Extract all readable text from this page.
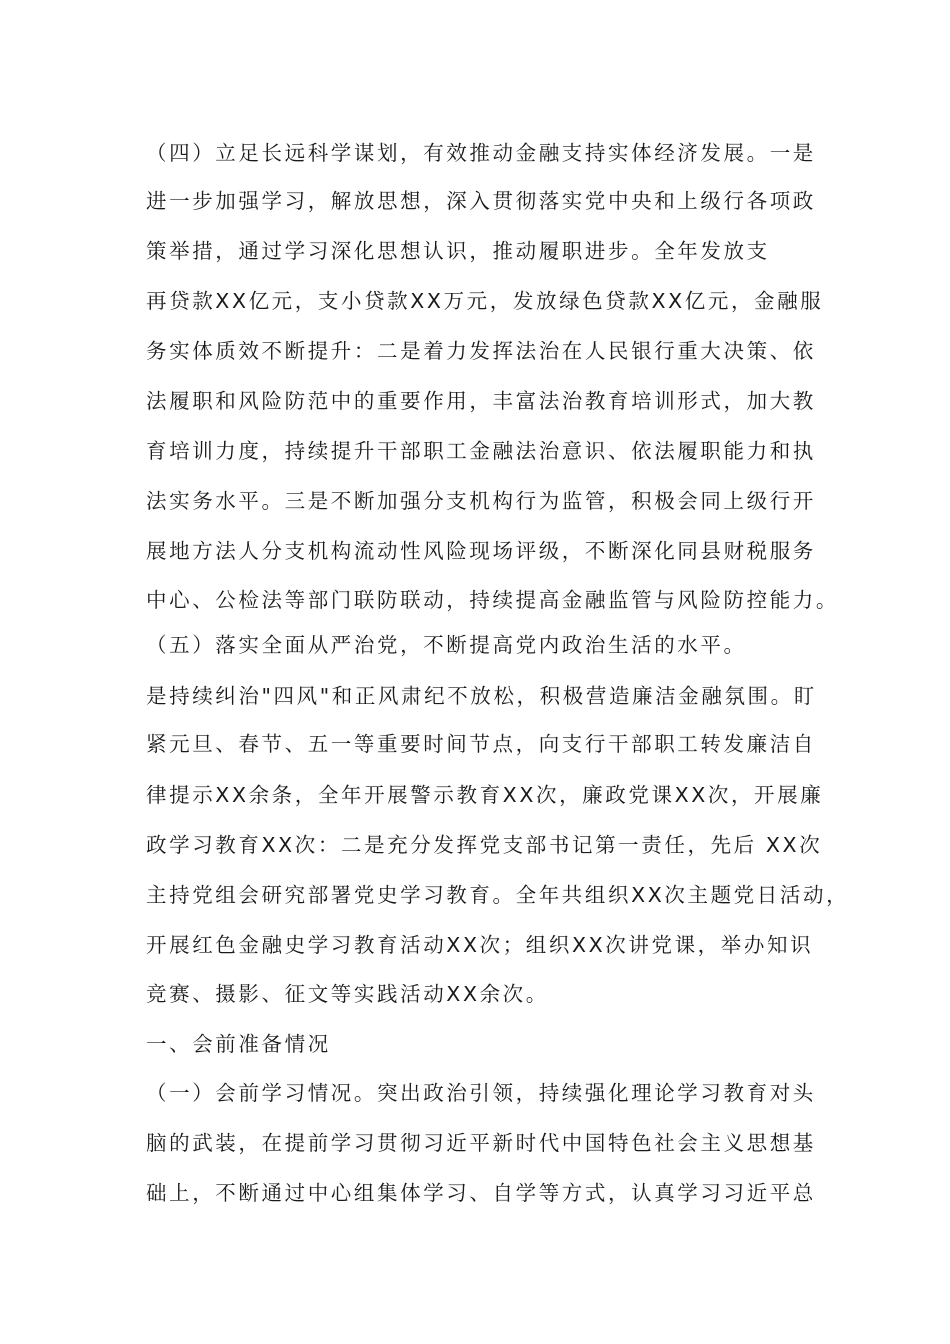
（四）立足长远科学谋划，有效推动金融支持实体经济发展。一是
进一步加强学习，解放思想，深入贯彻落实党中央和上级行各项政
策举措，通过学习深化思想认识，推动履职进步。全年发放支
再贷款XX亿元，支小贷款XX万元，发放绿色贷款XX亿元，金融服
务实体质效不断提升：二是着力发挥法治在人民银行重大决策、依
法履职和风险防范中的重要作用，丰富法治教育培训形式，加大教
育培训力度，持续提升干部职工金融法治意识、依法履职能力和执
法实务水平。三是不断加强分支机构行为监管，积极会同上级行开
展地方法人分支机构流动性风险现场评级，不断深化同县财税服务
中心、公检法等部门联防联动，持续提高金融监管与风险防控能力。
（五）落实全面从严治党，不断提高党内政治生活的水平。
是持续纠治"四风"和正风肃纪不放松，积极营造廉洁金融氛围。盯
紧元旦、春节、五一等重要时间节点，向支行干部职工转发廉洁自
律提示XX余条，全年开展警示教育XX次，廉政党课XX次，开展廉
政学习教育XX次：二是充分发挥党支部书记第一责任，先后 XX次
主持党组会研究部署党史学习教育。全年共组织XX次主题党日活动，
开展红色金融史学习教育活动XX次；组织XX次讲党课，举办知识
竞赛、摄影、征文等实践活动XX余次。
一、会前准备情况
（一）会前学习情况。突出政治引领，持续强化理论学习教育对头
脑的武装，在提前学习贯彻习近平新时代中国特色社会主义思想基
础上，不断通过中心组集体学习、自学等方式，认真学习习近平总
